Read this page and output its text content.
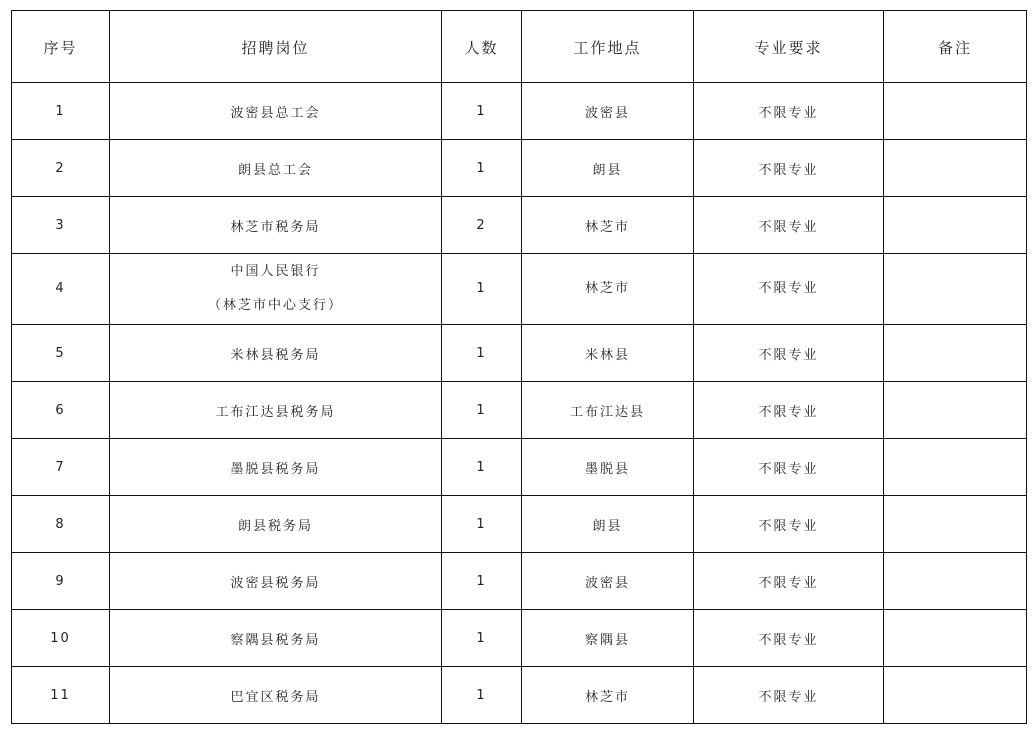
序号	招聘岗位	人数	工作地点	专业要求	备注
1	波密县总工会	1	波密县	不限专业	
2	朗县总工会	1	朗县	不限专业	
3	林芝市税务局	2	林芝市	不限专业	
4	中国人民银行
（林芝市中心支行）	1	林芝市	不限专业	
5	米林县税务局	1	米林县	不限专业	
6	工布江达县税务局	1	工布江达县	不限专业	
7	墨脱县税务局	1	墨脱县	不限专业	
8	朗县税务局	1	朗县	不限专业	
9	波密县税务局	1	波密县	不限专业	
10	察隅县税务局	1	察隅县	不限专业	
11	巴宜区税务局	1	林芝市	不限专业	
